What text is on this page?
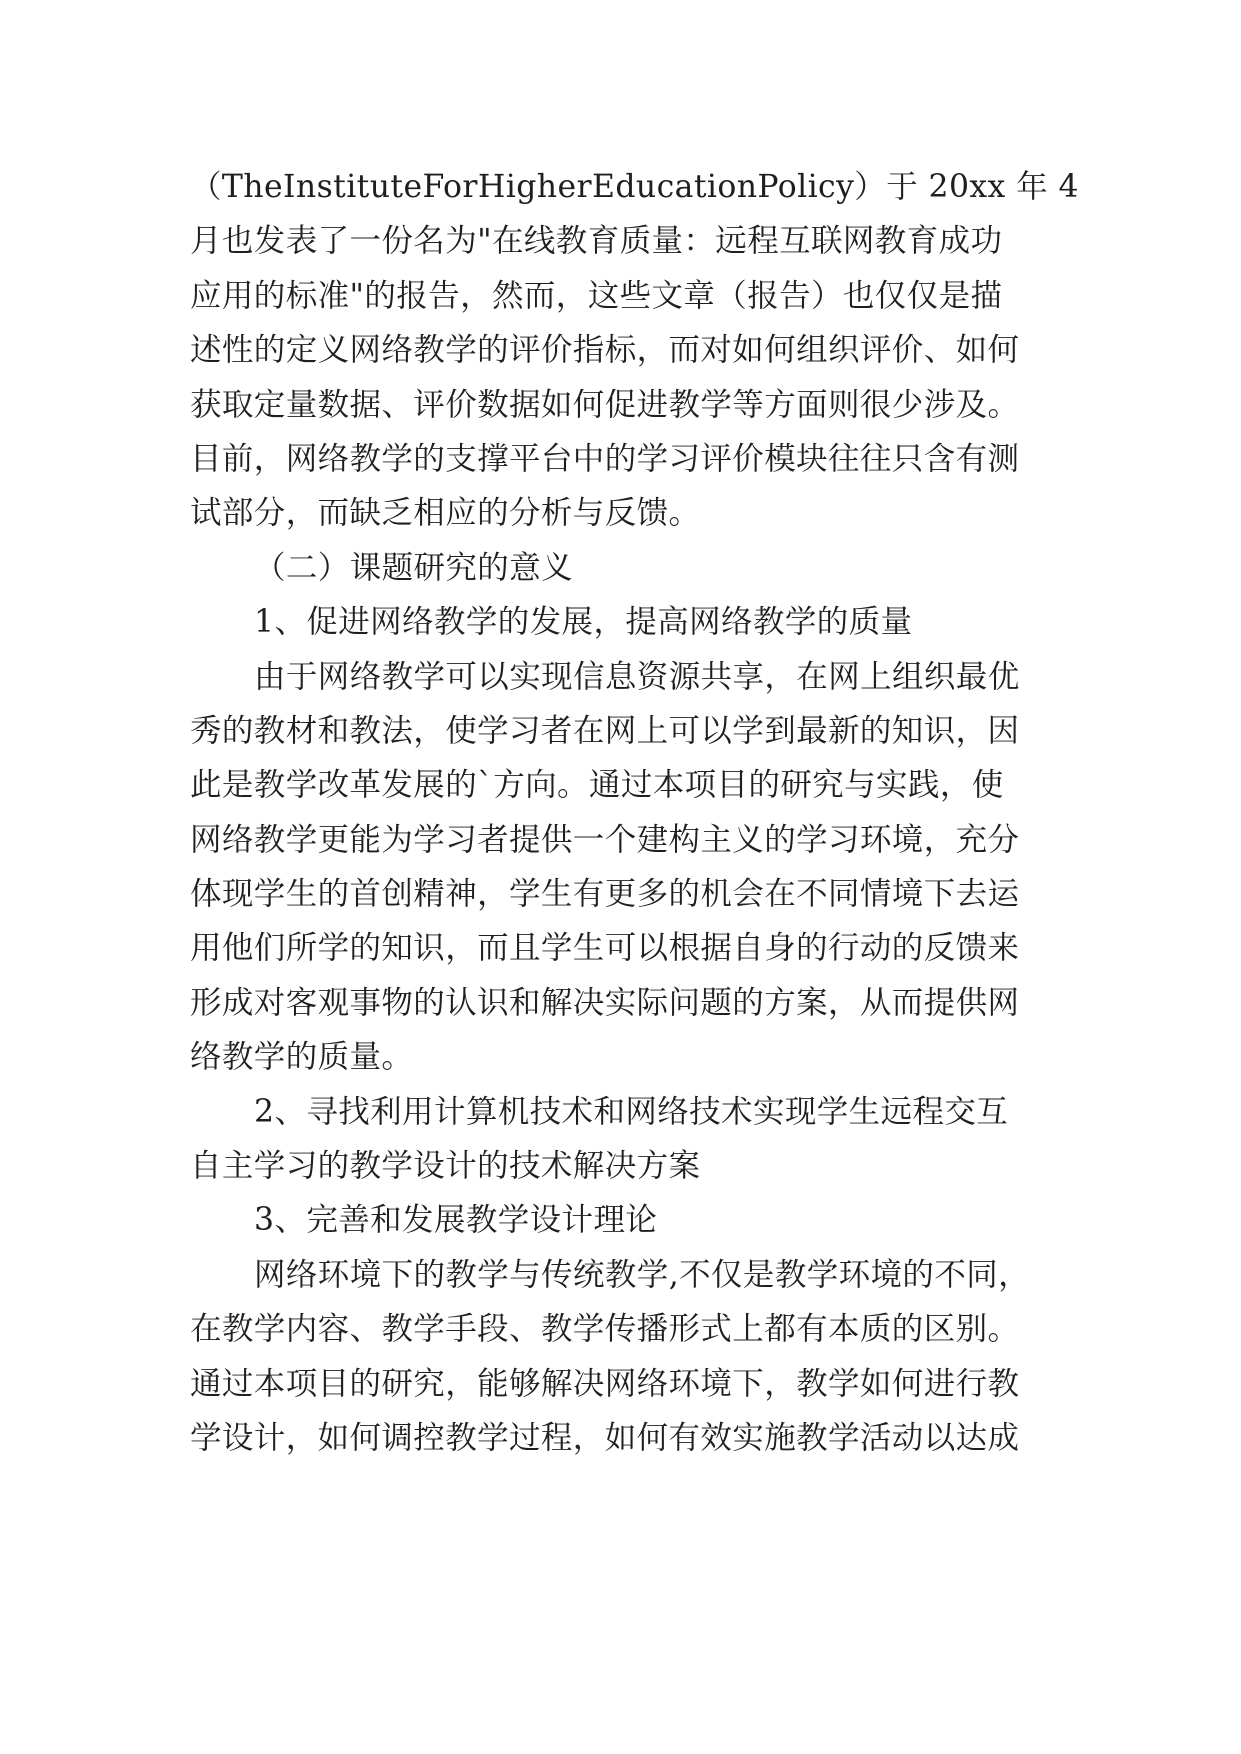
（TheInstituteForHigherEducationPolicy）于 20xx 年 4
月也发表了一份名为"在线教育质量：远程互联网教育成功
应用的标准"的报告，然而，这些文章（报告）也仅仅是描
述性的定义网络教学的评价指标，而对如何组织评价、如何
获取定量数据、评价数据如何促进教学等方面则很少涉及。
目前，网络教学的支撑平台中的学习评价模块往往只含有测
试部分，而缺乏相应的分析与反馈。
（二）课题研究的意义
1、促进网络教学的发展，提高网络教学的质量
由于网络教学可以实现信息资源共享，在网上组织最优
秀的教材和教法，使学习者在网上可以学到最新的知识，因
此是教学改革发展的`方向。通过本项目的研究与实践，使
网络教学更能为学习者提供一个建构主义的学习环境，充分
体现学生的首创精神，学生有更多的机会在不同情境下去运
用他们所学的知识，而且学生可以根据自身的行动的反馈来
形成对客观事物的认识和解决实际问题的方案，从而提供网
络教学的质量。
2、寻找利用计算机技术和网络技术实现学生远程交互
自主学习的教学设计的技术解决方案
3、完善和发展教学设计理论
网络环境下的教学与传统教学,不仅是教学环境的不同，
在教学内容、教学手段、教学传播形式上都有本质的区别。
通过本项目的研究，能够解决网络环境下，教学如何进行教
学设计，如何调控教学过程，如何有效实施教学活动以达成
